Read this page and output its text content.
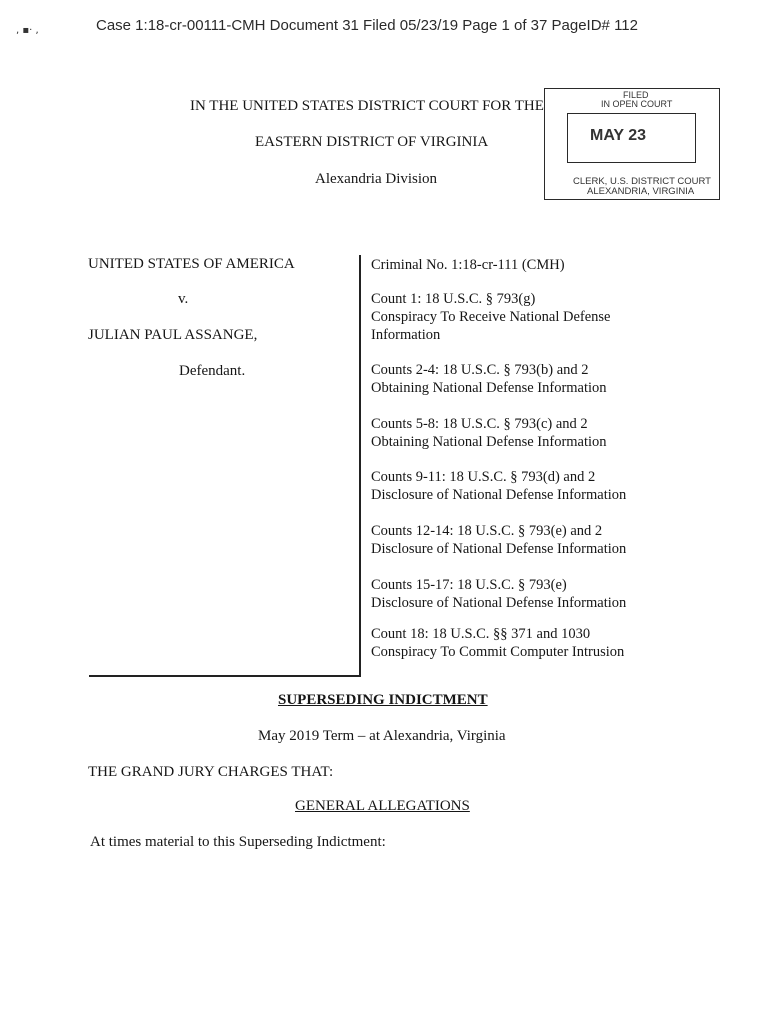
, ▪· ,	Case 1:18-cr-00111-CMH Document 31 Filed 05/23/19 Page 1 of 37 PageID# 112
IN THE UNITED STATES DISTRICT COURT FOR THE
EASTERN DISTRICT OF VIRGINIA
Alexandria Division
FILED
IN OPEN COURT
MAY 23
CLERK, U.S. DISTRICT COURT
ALEXANDRIA, VIRGINIA
UNITED STATES OF AMERICA
v.
JULIAN PAUL ASSANGE,
Defendant.
Criminal No. 1:18-cr-111 (CMH)
Count 1: 18 U.S.C. § 793(g)
Conspiracy To Receive National Defense
Information
Counts 2-4: 18 U.S.C. § 793(b) and 2
Obtaining National Defense Information
Counts 5-8: 18 U.S.C. § 793(c) and 2
Obtaining National Defense Information
Counts 9-11: 18 U.S.C. § 793(d) and 2
Disclosure of National Defense Information
Counts 12-14: 18 U.S.C. § 793(e) and 2
Disclosure of National Defense Information
Counts 15-17: 18 U.S.C. § 793(e)
Disclosure of National Defense Information
Count 18: 18 U.S.C. §§ 371 and 1030
Conspiracy To Commit Computer Intrusion
SUPERSEDING INDICTMENT
May 2019 Term – at Alexandria, Virginia
THE GRAND JURY CHARGES THAT:
GENERAL ALLEGATIONS
At times material to this Superseding Indictment:
